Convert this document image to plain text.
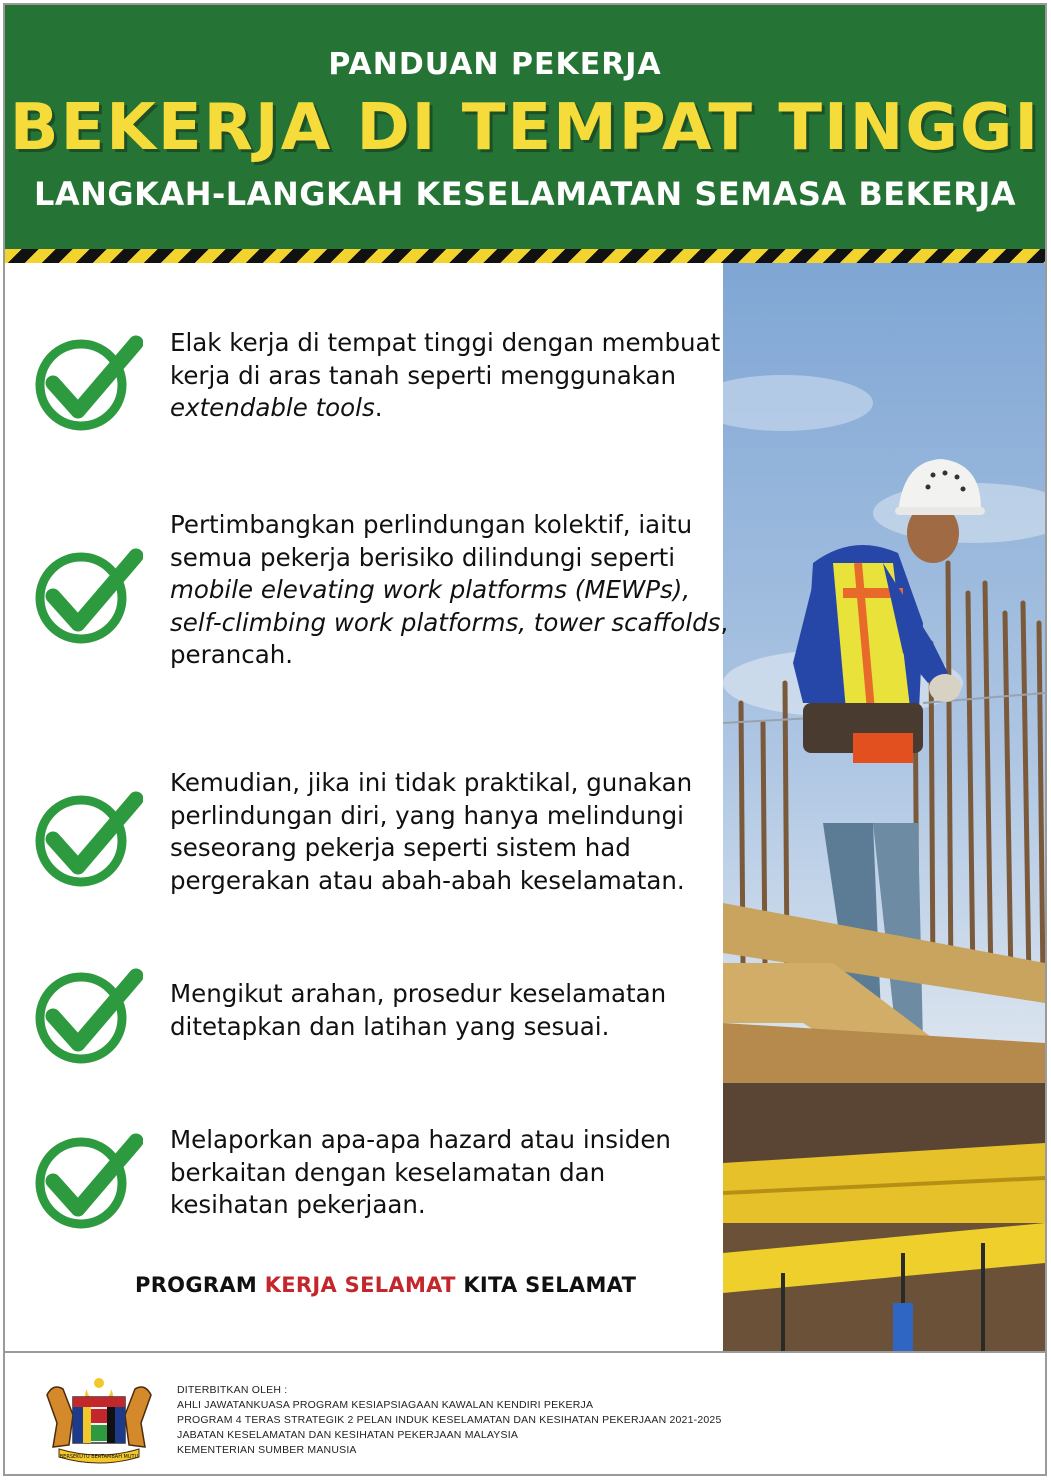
PANDUAN PEKERJA
BEKERJA DI TEMPAT TINGGI
LANGKAH-LANGKAH KESELAMATAN SEMASA BEKERJA
Elak kerja di tempat tinggi dengan membuat kerja di aras tanah seperti menggunakan extendable tools.
Pertimbangkan perlindungan kolektif, iaitu semua pekerja berisiko dilindungi seperti mobile elevating work platforms (MEWPs), self-climbing work platforms, tower scaffolds, perancah.
Kemudian, jika ini tidak praktikal, gunakan perlindungan diri, yang hanya melindungi seseorang pekerja seperti sistem had pergerakan atau abah-abah keselamatan.
Mengikut arahan, prosedur keselamatan ditetapkan dan latihan yang sesuai.
Melaporkan apa-apa hazard atau insiden berkaitan dengan keselamatan dan kesihatan pekerjaan.
PROGRAM KERJA SELAMAT KITA SELAMAT
BERSEKUTU BERTAMBAH MUTU
DITERBITKAN OLEH :
AHLI JAWATANKUASA PROGRAM KESIAPSIAGAAN KAWALAN KENDIRI PEKERJA
PROGRAM 4 TERAS STRATEGIK 2 PELAN INDUK KESELAMATAN DAN KESIHATAN PEKERJAAN 2021-2025
JABATAN KESELAMATAN DAN KESIHATAN PEKERJAAN MALAYSIA
KEMENTERIAN SUMBER MANUSIA
